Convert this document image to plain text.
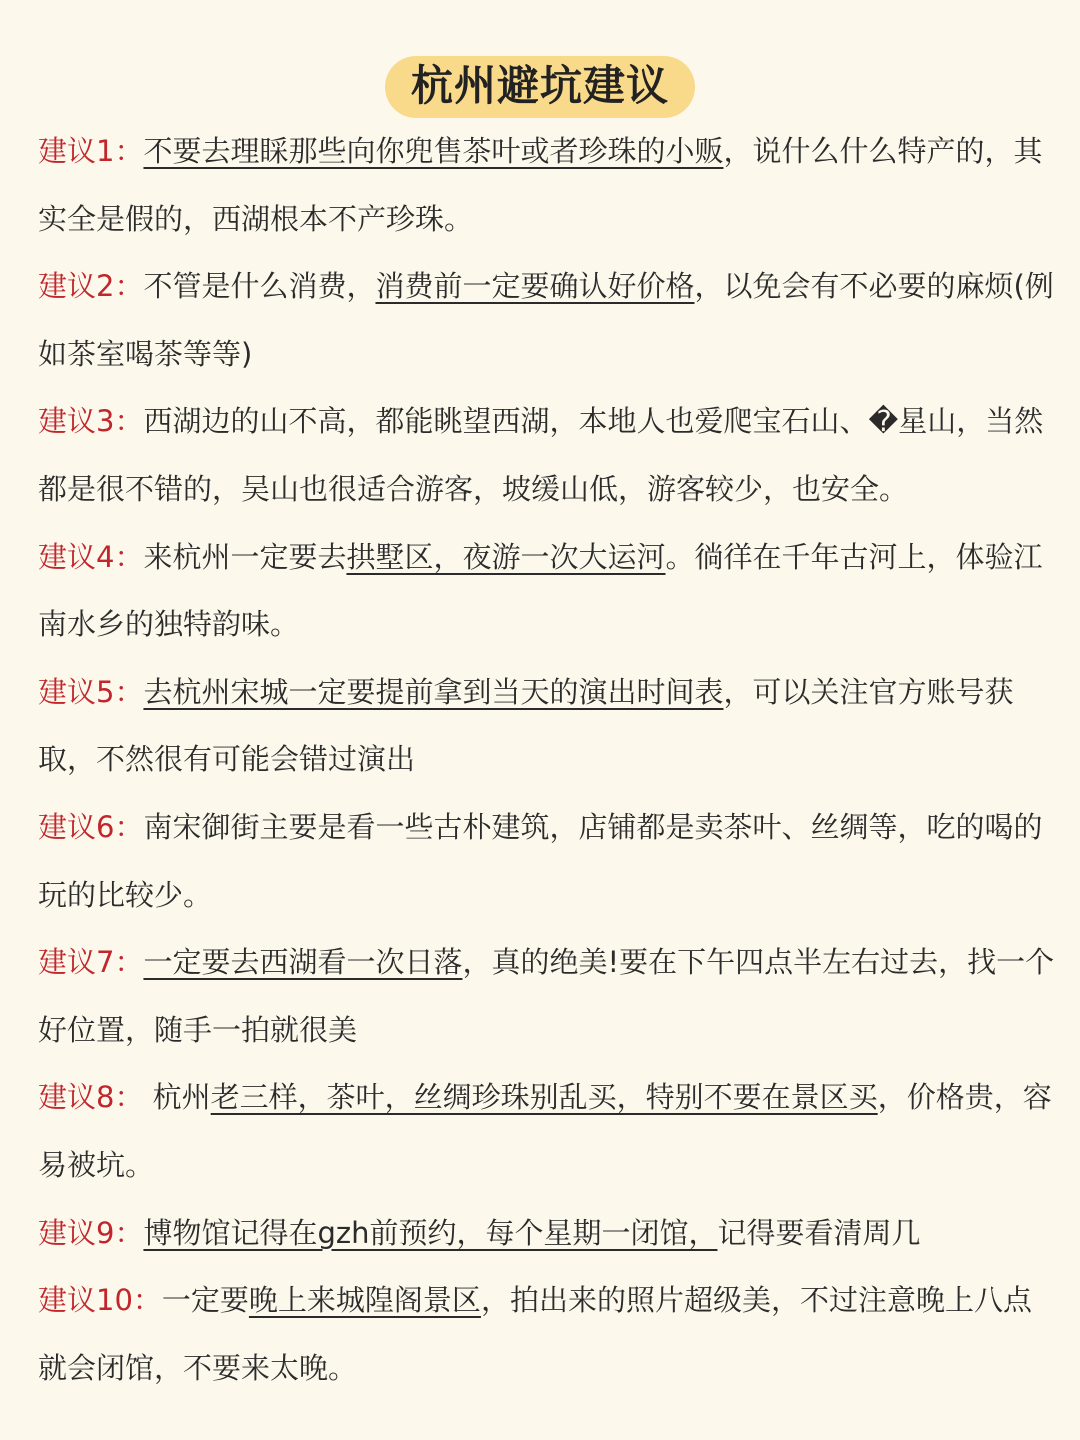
杭州避坑建议

建议1：不要去理睬那些向你兜售茶叶或者珍珠的小贩，说什么什么特产的，其实全是假的，西湖根本不产珍珠。

建议2：不管是什么消费，消费前一定要确认好价格，以免会有不必要的麻烦(例如茶室喝茶等等)

建议3：西湖边的山不高，都能眺望西湖，本地人也爱爬宝石山、�星山，当然都是很不错的，吴山也很适合游客，坡缓山低，游客较少，也安全。

建议4：来杭州一定要去拱墅区，夜游一次大运河。徜徉在千年古河上，体验江南水乡的独特韵味。

建议5：去杭州宋城一定要提前拿到当天的演出时间表，可以关注官方账号获取，不然很有可能会错过演出

建议6：南宋御街主要是看一些古朴建筑，店铺都是卖茶叶、丝绸等，吃的喝的玩的比较少。

建议7：一定要去西湖看一次日落，真的绝美!要在下午四点半左右过去，找一个好位置，随手一拍就很美

建议8： 杭州老三样，茶叶，丝绸珍珠别乱买，特别不要在景区买，价格贵，容易被坑。

建议9：博物馆记得在gzh前预约，每个星期一闭馆，记得要看清周几

建议10：一定要晚上来城隍阁景区，拍出来的照片超级美，不过注意晚上八点就会闭馆，不要来太晚。
